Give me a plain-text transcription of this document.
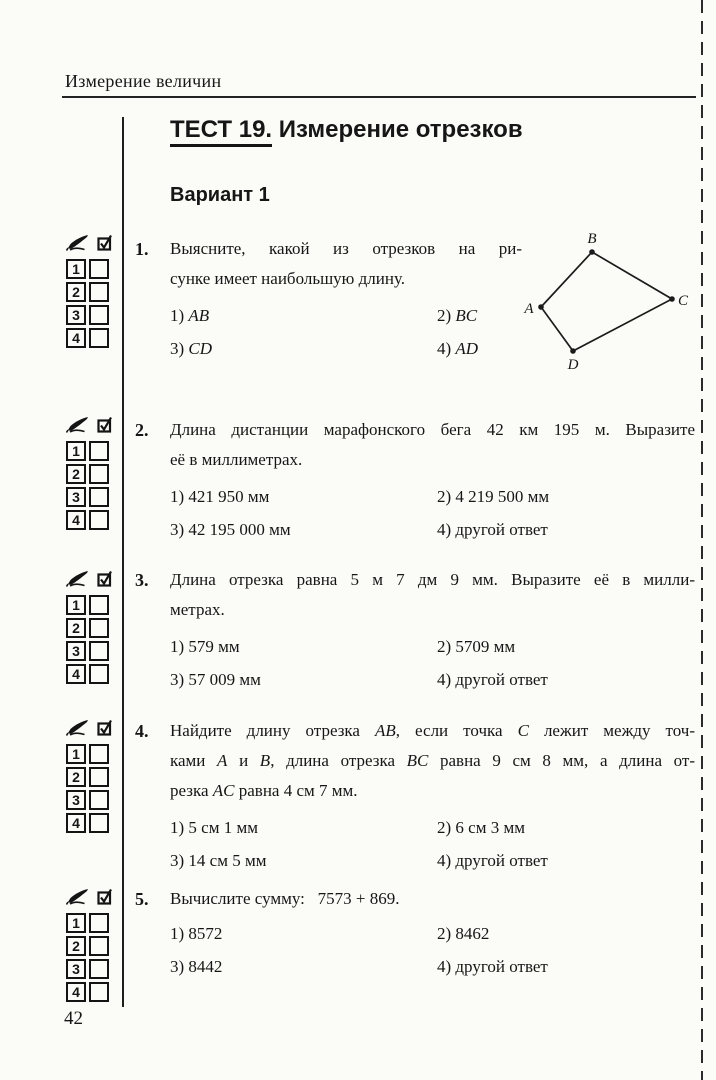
Измерение величин
ТЕСТ 19. Измерение отрезков
Вариант 1
1
2
3
4
1
2
3
4
1
2
3
4
1
2
3
4
1
2
3
4
1.	Выясните, какой из отрезков на ри-
сунке имеет наибольшую длину.
1) AB	2) BC
3) CD	4) AD
A
B
C
D
2.	Длина дистанции марафонского бега 42 км 195 м. Выразите
её в миллиметрах.
1) 421 950 мм	2) 4 219 500 мм
3) 42 195 000 мм	4) другой ответ
3.	Длина отрезка равна 5 м 7 дм 9 мм. Выразите её в милли-
метрах.
1) 579 мм	2) 5709 мм
3) 57 009 мм	4) другой ответ
4.	Найдите длину отрезка AB, если точка C лежит между точ-
ками A и B, длина отрезка BC равна 9 см 8 мм, а длина от-
резка AC равна 4 см 7 мм.
1) 5 см 1 мм	2) 6 см 3 мм
3) 14 см 5 мм	4) другой ответ
5.	Вычислите сумму:   7573 + 869.
1) 8572	2) 8462
3) 8442	4) другой ответ
42
